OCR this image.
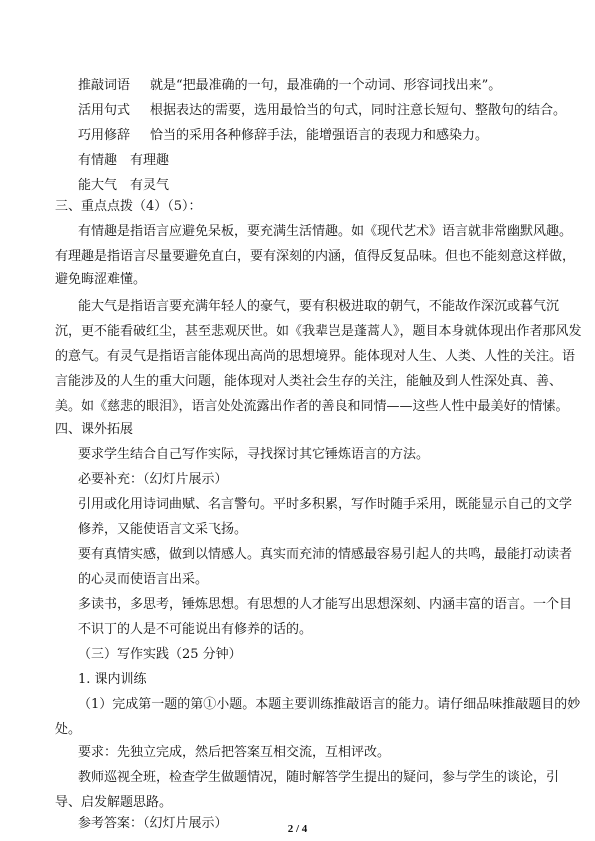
推敲词语 就是“把最准确的一句，最准确的一个动词、形容词找出来”。
活用句式 根据表达的需要，选用最恰当的句式，同时注意长短句、整散句的结合。
巧用修辞 恰当的采用各种修辞手法，能增强语言的表现力和感染力。
有情趣　有理趣
能大气　有灵气
三、重点点拨（4）（5）：
有情趣是指语言应避免呆板，要充满生活情趣。如《现代艺术》语言就非常幽默风趣。
有理趣是指语言尽量要避免直白，要有深刻的内涵，值得反复品味。但也不能刻意这样做，
避免晦涩难懂。
能大气是指语言要充满年轻人的豪气，要有积极进取的朝气，不能故作深沉或暮气沉
沉，更不能看破红尘，甚至悲观厌世。如《我辈岂是蓬蒿人》，题目本身就体现出作者那风发
的意气。有灵气是指语言能体现出高尚的思想境界。能体现对人生、人类、人性的关注。语
言能涉及的人生的重大问题，能体现对人类社会生存的关注，能触及到人性深处真、善、
美。如《慈悲的眼泪》，语言处处流露出作者的善良和同情——这些人性中最美好的情愫。
四、课外拓展
要求学生结合自己写作实际，寻找探讨其它锤炼语言的方法。
必要补充：（幻灯片展示）
引用或化用诗词曲赋、名言警句。平时多积累，写作时随手采用，既能显示自己的文学
修养，又能使语言文采飞扬。
要有真情实感，做到以情感人。真实而充沛的情感最容易引起人的共鸣，最能打动读者
的心灵而使语言出采。
多读书，多思考，锤炼思想。有思想的人才能写出思想深刻、内涵丰富的语言。一个目
不识丁的人是不可能说出有修养的话的。
（三）写作实践（25 分钟）
1. 课内训练
（1）完成第一题的第①小题。本题主要训练推敲语言的能力。请仔细品味推敲题目的妙
处。
要求：先独立完成，然后把答案互相交流，互相评改。
教师巡视全班，检查学生做题情况，随时解答学生提出的疑问，参与学生的谈论，引
导、启发解题思路。
参考答案：（幻灯片展示）	2 / 4
